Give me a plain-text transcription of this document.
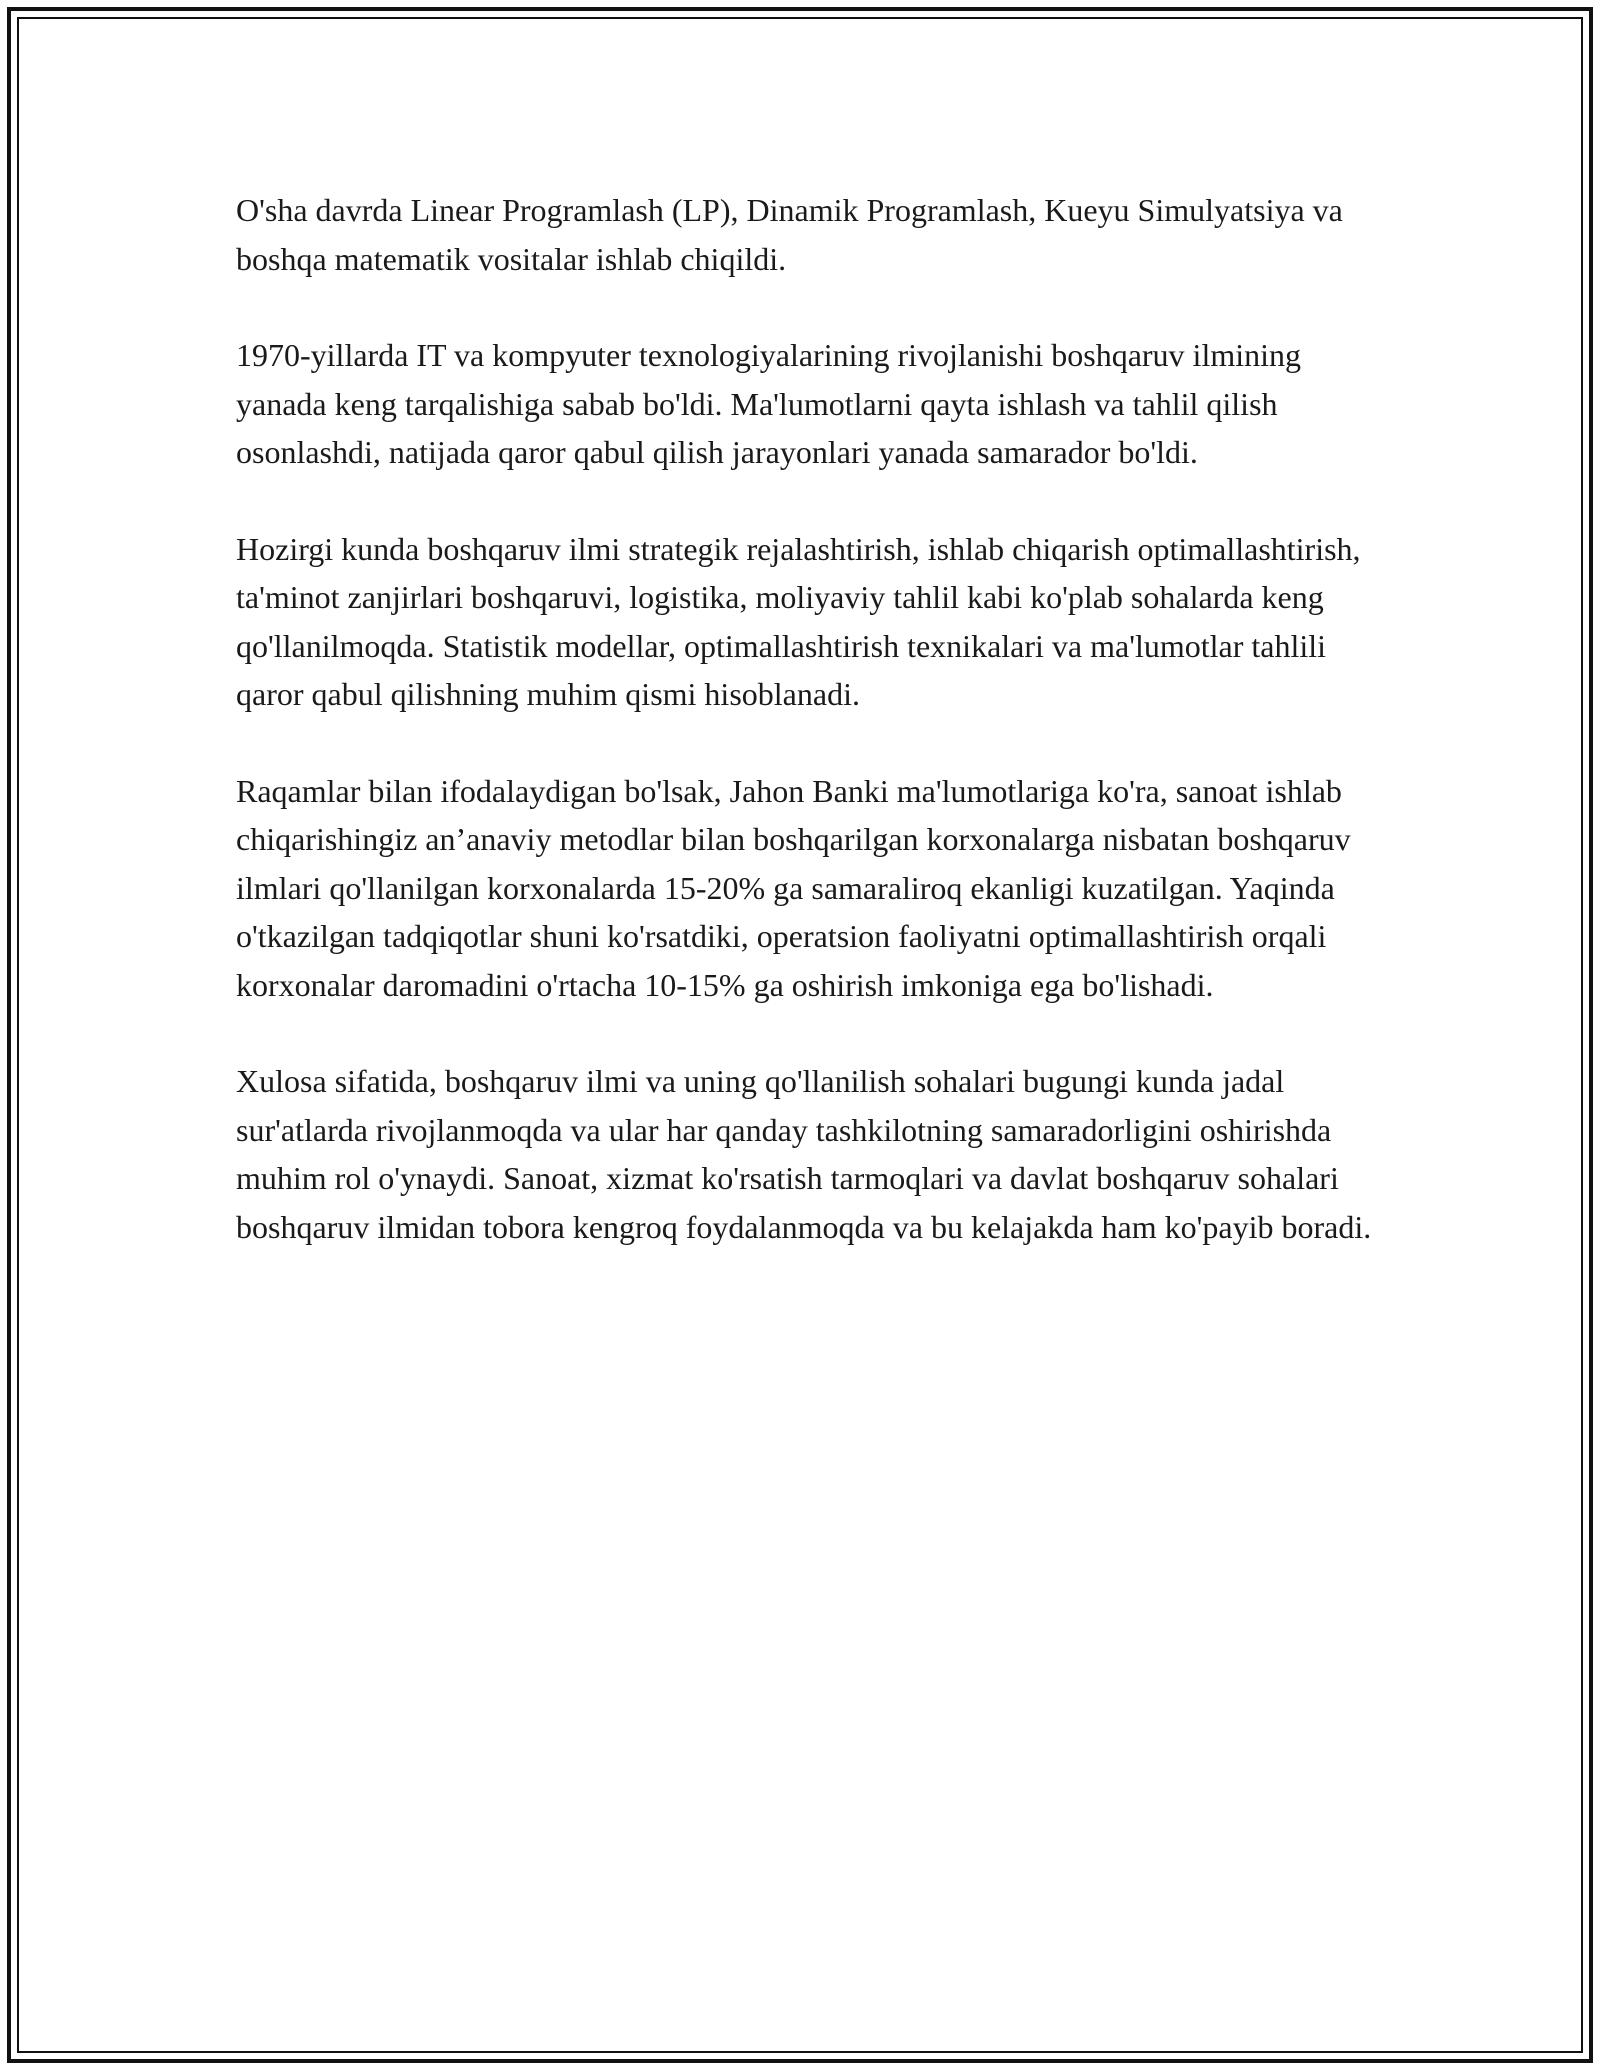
O'sha davrda Linear Programlash (LP), Dinamik Programlash, Kueyu Simulyatsiya va boshqa matematik vositalar ishlab chiqildi.

1970-yillarda IT va kompyuter texnologiyalarining rivojlanishi boshqaruv ilmining yanada keng tarqalishiga sabab bo'ldi. Ma'lumotlarni qayta ishlash va tahlil qilish osonlashdi, natijada qaror qabul qilish jarayonlari yanada samarador bo'ldi.

Hozirgi kunda boshqaruv ilmi strategik rejalashtirish, ishlab chiqarish optimallashtirish, ta'minot zanjirlari boshqaruvi, logistika, moliyaviy tahlil kabi ko'plab sohalarda keng qo'llanilmoqda. Statistik modellar, optimallashtirish texnikalari va ma'lumotlar tahlili qaror qabul qilishning muhim qismi hisoblanadi.

Raqamlar bilan ifodalaydigan bo'lsak, Jahon Banki ma'lumotlariga ko'ra, sanoat ishlab chiqarishingiz an’anaviy metodlar bilan boshqarilgan korxonalarga nisbatan boshqaruv ilmlari qo'llanilgan korxonalarda 15-20% ga samaraliroq ekanligi kuzatilgan. Yaqinda o'tkazilgan tadqiqotlar shuni ko'rsatdiki, operatsion faoliyatni optimallashtirish orqali korxonalar daromadini o'rtacha 10-15% ga oshirish imkoniga ega bo'lishadi.

Xulosa sifatida, boshqaruv ilmi va uning qo'llanilish sohalari bugungi kunda jadal sur'atlarda rivojlanmoqda va ular har qanday tashkilotning samaradorligini oshirishda muhim rol o'ynaydi. Sanoat, xizmat ko'rsatish tarmoqlari va davlat boshqaruv sohalari boshqaruv ilmidan tobora kengroq foydalanmoqda va bu kelajakda ham ko'payib boradi.
